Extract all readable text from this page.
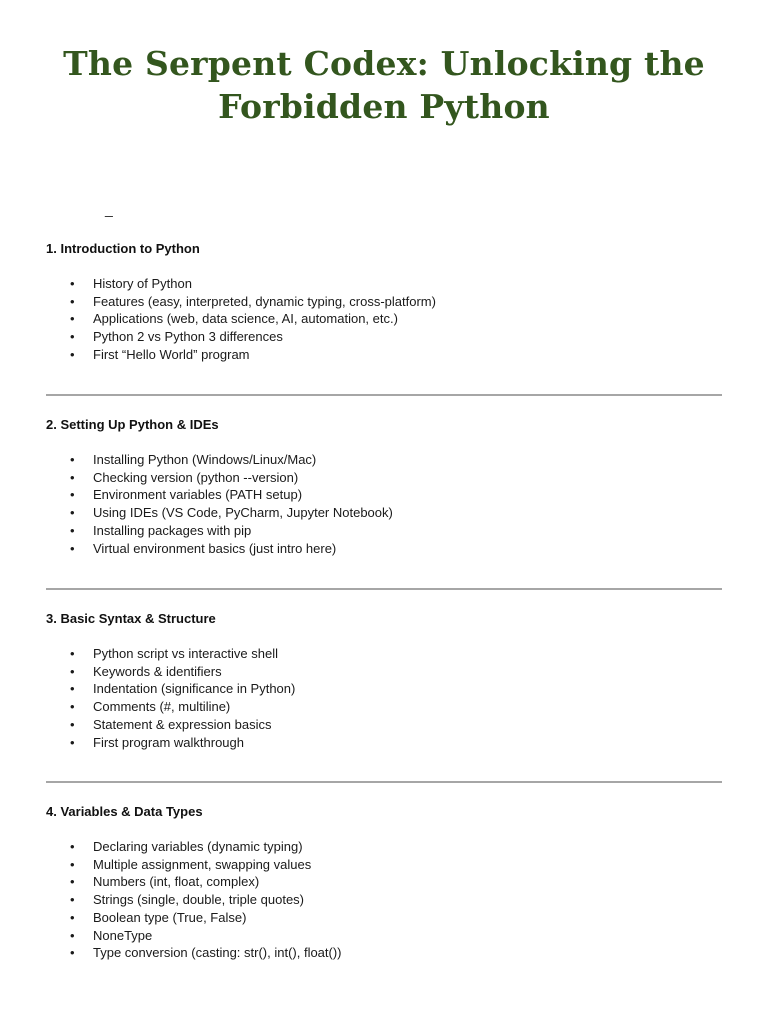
The Serpent Codex: Unlocking the
Forbidden Python
_

1. Introduction to Python

• History of Python
• Features (easy, interpreted, dynamic typing, cross-platform)
• Applications (web, data science, AI, automation, etc.)
• Python 2 vs Python 3 differences
• First “Hello World” program

2. Setting Up Python & IDEs

• Installing Python (Windows/Linux/Mac)
• Checking version (python --version)
• Environment variables (PATH setup)
• Using IDEs (VS Code, PyCharm, Jupyter Notebook)
• Installing packages with pip
• Virtual environment basics (just intro here)

3. Basic Syntax & Structure

• Python script vs interactive shell
• Keywords & identifiers
• Indentation (significance in Python)
• Comments (#, multiline)
• Statement & expression basics
• First program walkthrough

4. Variables & Data Types

• Declaring variables (dynamic typing)
• Multiple assignment, swapping values
• Numbers (int, float, complex)
• Strings (single, double, triple quotes)
• Boolean type (True, False)
• NoneType
• Type conversion (casting: str(), int(), float())
